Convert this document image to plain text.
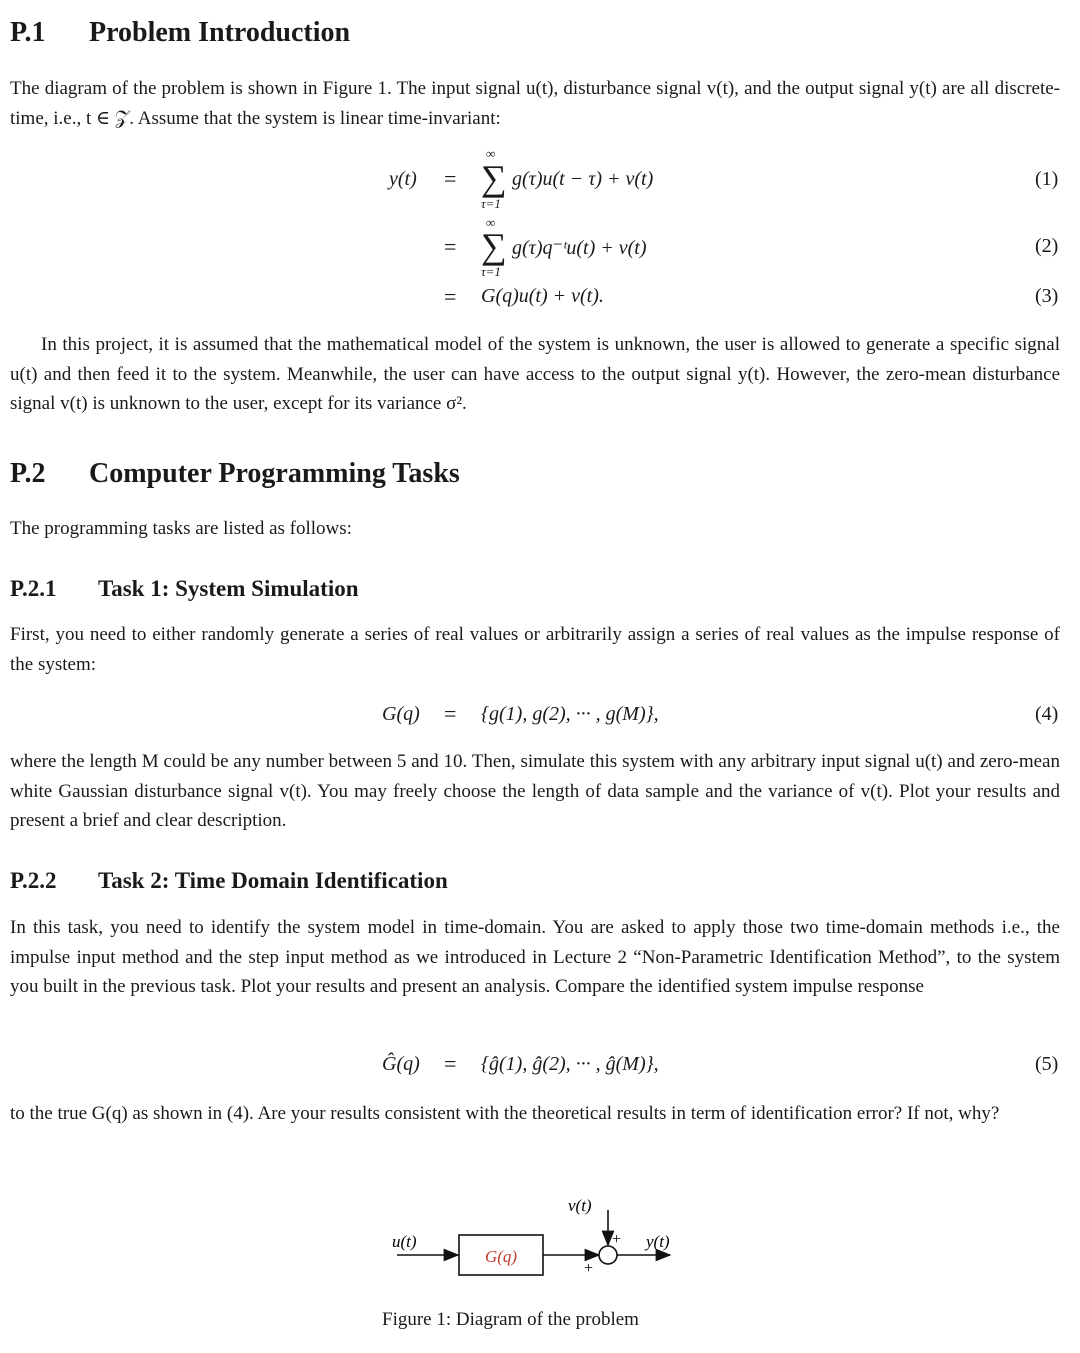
P.1 Problem Introduction
The diagram of the problem is shown in Figure 1. The input signal u(t), disturbance signal v(t), and the output signal y(t) are all discrete-time, i.e., t ∈ 𝒵. Assume that the system is linear time-invariant:
y(t) =
∞
∑
τ=1
g(τ)u(t − τ) + v(t)	(1)
=
∞
∑
τ=1
g(τ)q⁻ᵗu(t) + v(t)	(2)
= G(q)u(t) + v(t).	(3)
In this project, it is assumed that the mathematical model of the system is unknown, the user is allowed to generate a specific signal u(t) and then feed it to the system. Meanwhile, the user can have access to the output signal y(t). However, the zero-mean disturbance signal v(t) is unknown to the user, except for its variance σ².
P.2 Computer Programming Tasks
The programming tasks are listed as follows:
P.2.1 Task 1: System Simulation
First, you need to either randomly generate a series of real values or arbitrarily assign a series of real values as the impulse response of the system:
G(q) = {g(1), g(2), ··· , g(M)},	(4)
where the length M could be any number between 5 and 10. Then, simulate this system with any arbitrary input signal u(t) and zero-mean white Gaussian disturbance signal v(t). You may freely choose the length of data sample and the variance of v(t). Plot your results and present a brief and clear description.
P.2.2 Task 2: Time Domain Identification
In this task, you need to identify the system model in time-domain. You are asked to apply those two time-domain methods i.e., the impulse input method and the step input method as we introduced in Lecture 2 “Non-Parametric Identification Method”, to the system you built in the previous task. Plot your results and present an analysis. Compare the identified system impulse response
Ĝ(q) = {ĝ(1), ĝ(2), ··· , ĝ(M)},	(5)
to the true G(q) as shown in (4). Are your results consistent with the theoretical results in term of identification error? If not, why?
u(t)
G(q)
v(t)
+
+
y(t)
Figure 1: Diagram of the problem
